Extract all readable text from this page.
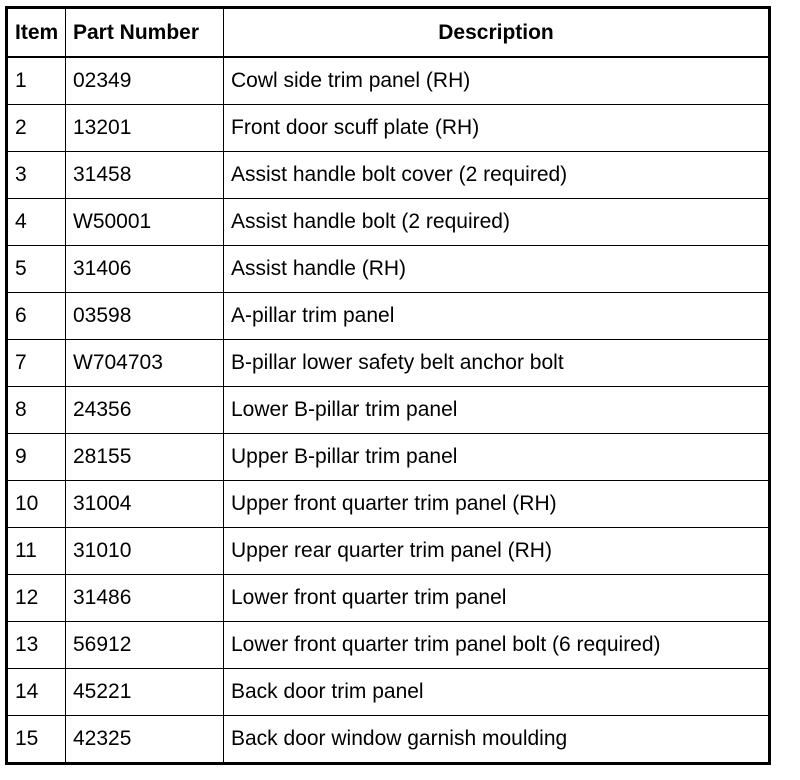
Item	Part Number	Description
1	02349	Cowl side trim panel (RH)
2	13201	Front door scuff plate (RH)
3	31458	Assist handle bolt cover (2 required)
4	W50001	Assist handle bolt (2 required)
5	31406	Assist handle (RH)
6	03598	A-pillar trim panel
7	W704703	B-pillar lower safety belt anchor bolt
8	24356	Lower B-pillar trim panel
9	28155	Upper B-pillar trim panel
10	31004	Upper front quarter trim panel (RH)
11	31010	Upper rear quarter trim panel (RH)
12	31486	Lower front quarter trim panel
13	56912	Lower front quarter trim panel bolt (6 required)
14	45221	Back door trim panel
15	42325	Back door window garnish moulding
